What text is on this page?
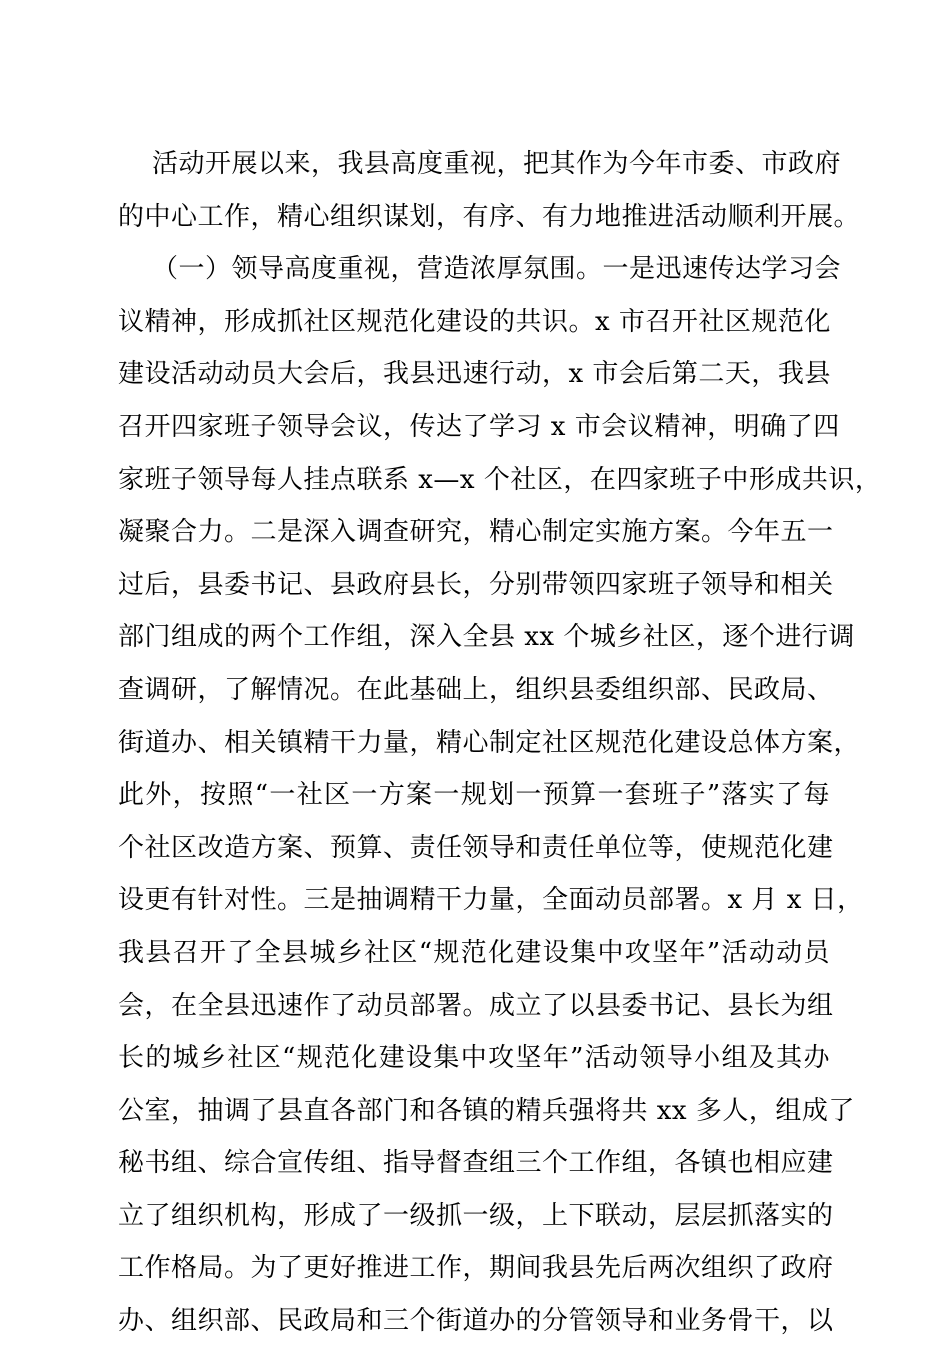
活动开展以来，我县高度重视，把其作为今年市委、市政府
的中心工作，精心组织谋划，有序、有力地推进活动顺利开展。
（一）领导高度重视，营造浓厚氛围。一是迅速传达学习会
议精神，形成抓社区规范化建设的共识。x 市召开社区规范化
建设活动动员大会后，我县迅速行动，x 市会后第二天，我县
召开四家班子领导会议，传达了学习 x 市会议精神，明确了四
家班子领导每人挂点联系 x—x 个社区，在四家班子中形成共识，
凝聚合力。二是深入调查研究，精心制定实施方案。今年五一
过后，县委书记、县政府县长，分别带领四家班子领导和相关
部门组成的两个工作组，深入全县 xx 个城乡社区，逐个进行调
查调研，了解情况。在此基础上，组织县委组织部、民政局、
街道办、相关镇精干力量，精心制定社区规范化建设总体方案，
此外，按照“一社区一方案一规划一预算一套班子”落实了每
个社区改造方案、预算、责任领导和责任单位等，使规范化建
设更有针对性。三是抽调精干力量，全面动员部署。x 月 x 日，
我县召开了全县城乡社区“规范化建设集中攻坚年”活动动员
会，在全县迅速作了动员部署。成立了以县委书记、县长为组
长的城乡社区“规范化建设集中攻坚年”活动领导小组及其办
公室，抽调了县直各部门和各镇的精兵强将共 xx 多人，组成了
秘书组、综合宣传组、指导督查组三个工作组，各镇也相应建
立了组织机构，形成了一级抓一级，上下联动，层层抓落实的
工作格局。为了更好推进工作，期间我县先后两次组织了政府
办、组织部、民政局和三个街道办的分管领导和业务骨干，以
